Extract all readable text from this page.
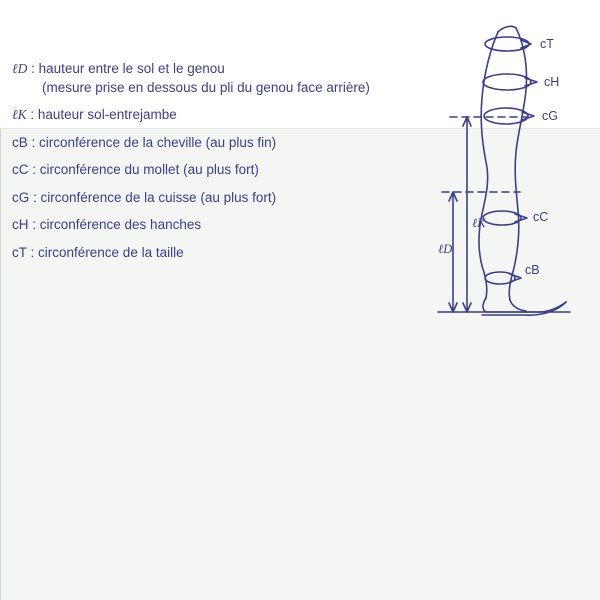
ℓD : hauteur entre le sol et le genou
(mesure prise en dessous du pli du genou face arrière)
ℓK : hauteur sol-entrejambe
cB : circonférence de la cheville (au plus fin)
cC : circonférence du mollet (au plus fort)
cG : circonférence de la cuisse (au plus fort)
cH : circonférence des hanches
cT : circonférence de la taille
cT
cH
cG
cC
cB
ℓK
ℓD
